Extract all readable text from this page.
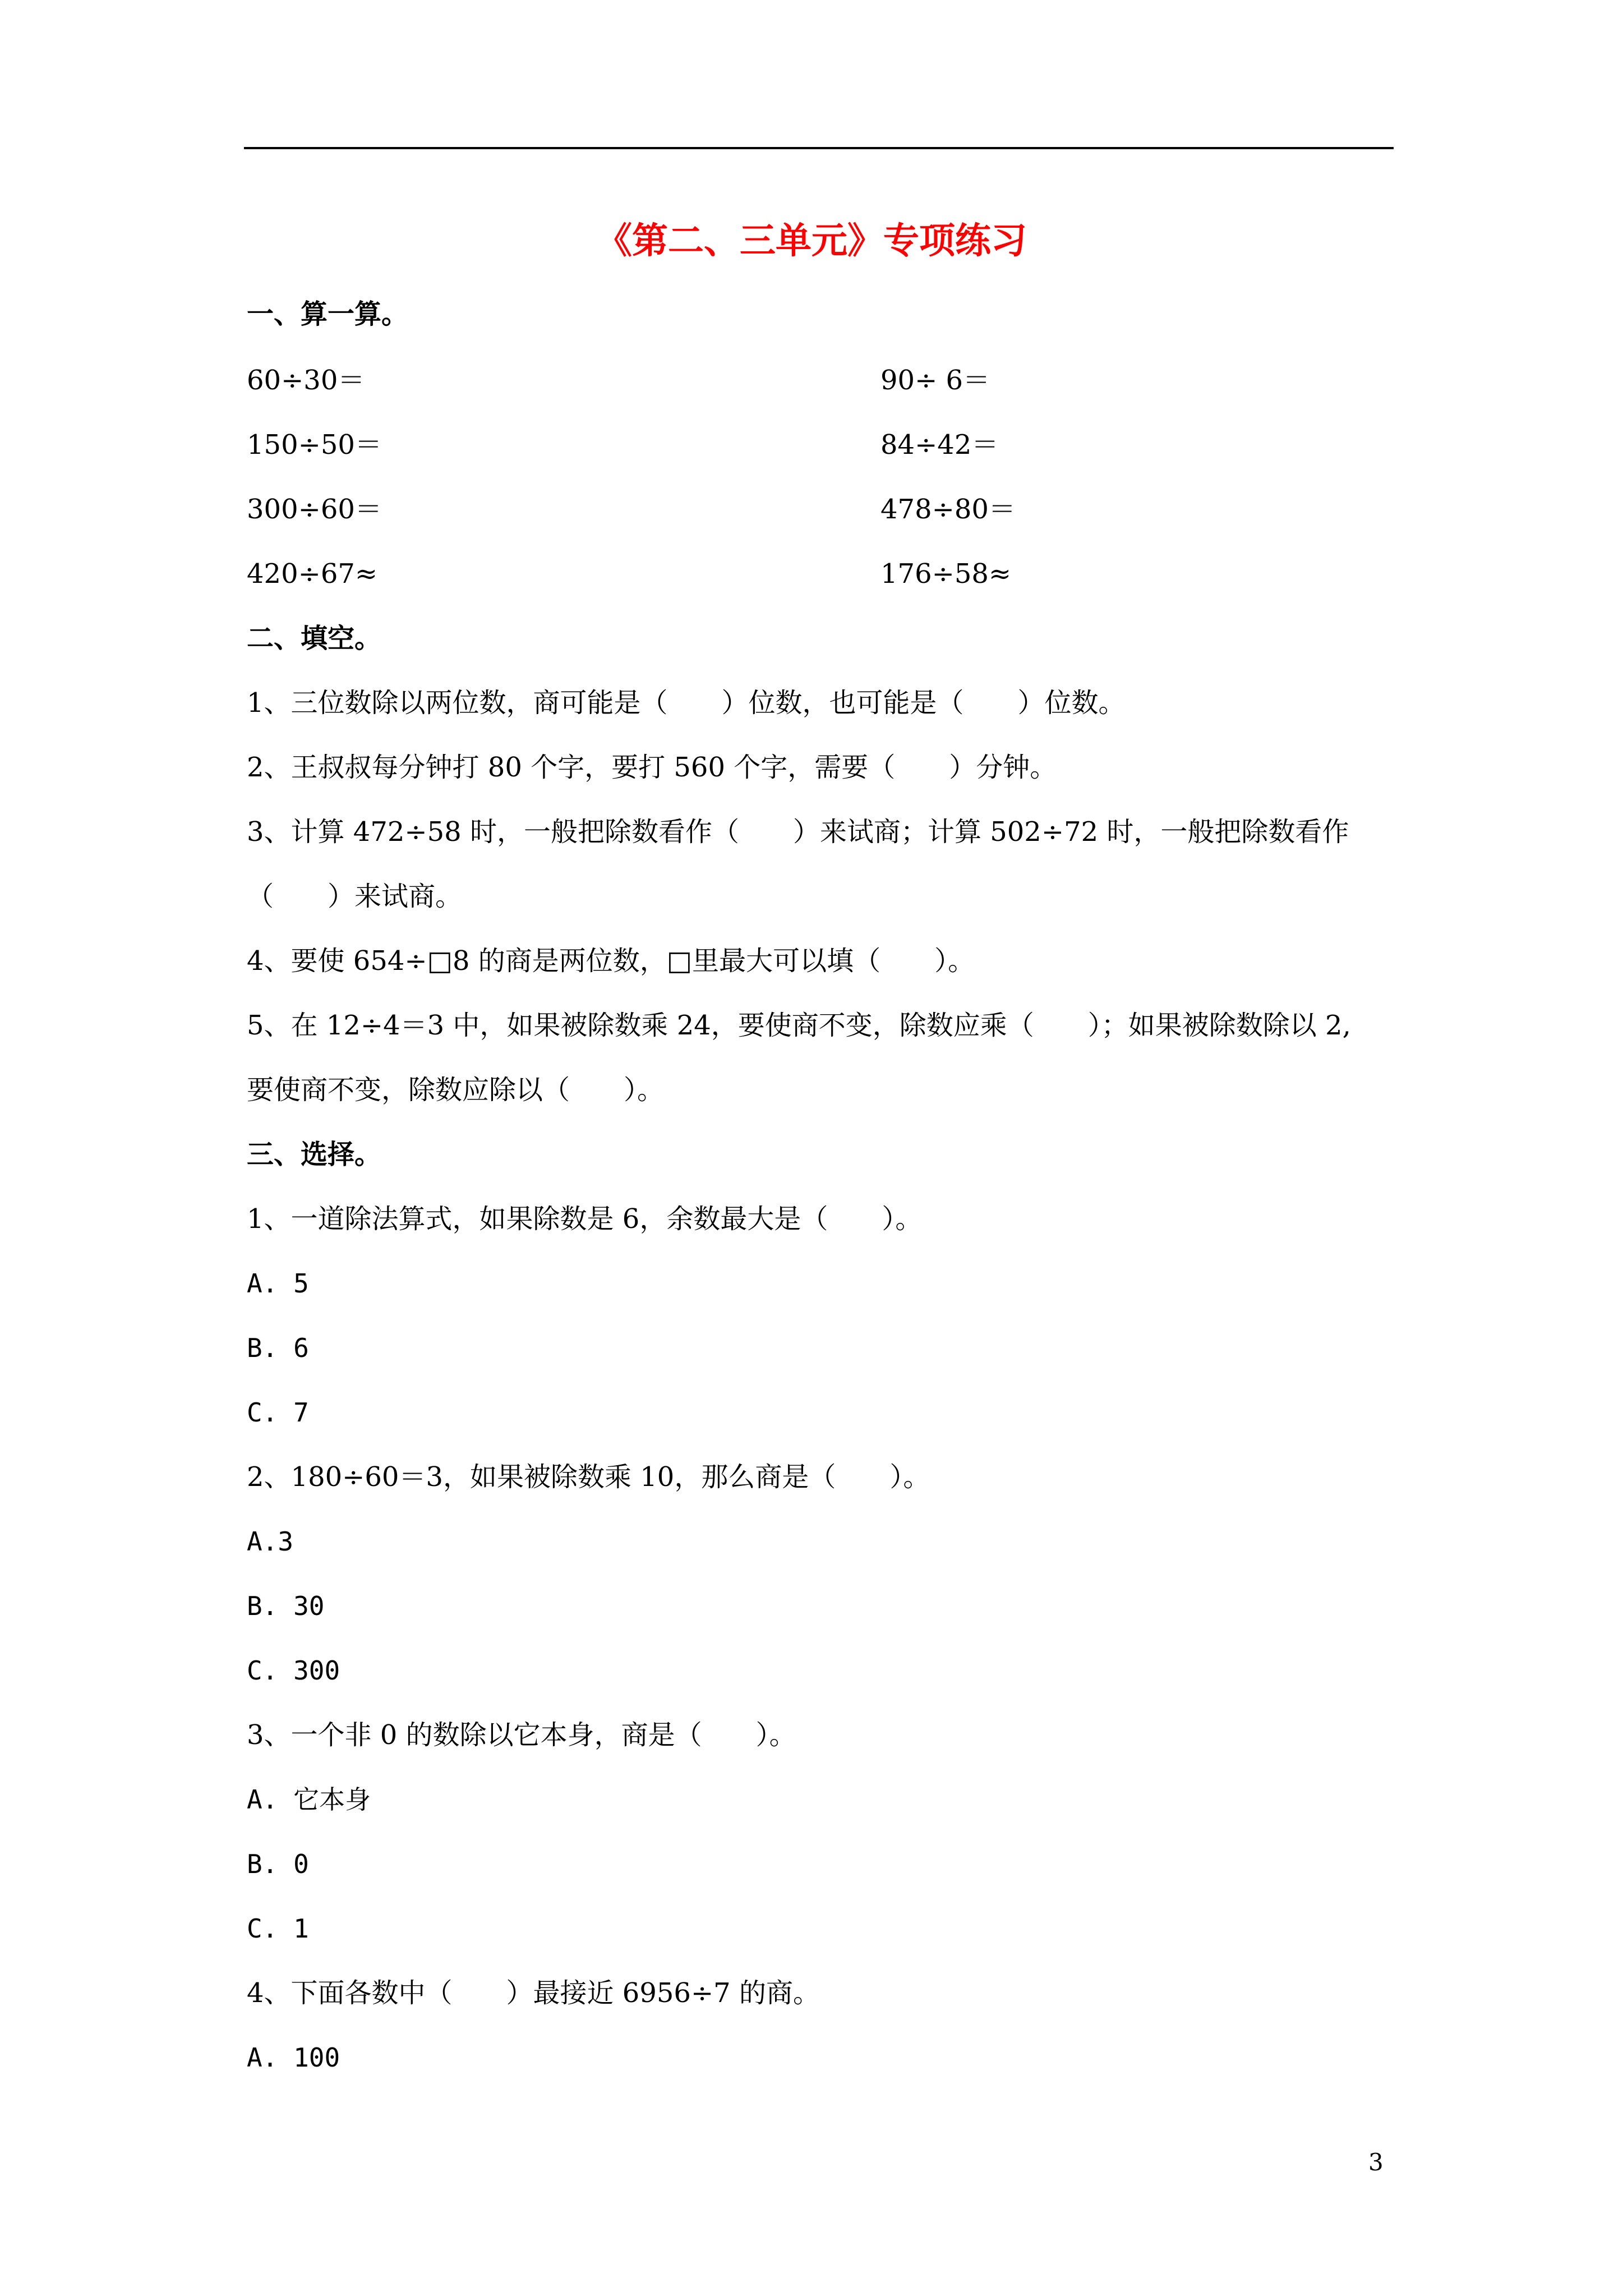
《第二、三单元》专项练习
一、算一算。
60÷30＝	90÷ 6＝
150÷50＝	84÷42＝
300÷60＝	478÷80＝
420÷67≈	176÷58≈
二、填空。
1、三位数除以两位数，商可能是（　　）位数，也可能是（　　）位数。
2、王叔叔每分钟打 80 个字，要打 560 个字，需要（　　）分钟。
3、计算 472÷58 时，一般把除数看作（　　）来试商；计算 502÷72 时，一般把除数看作
（　　）来试商。
4、要使 654÷□8 的商是两位数，□里最大可以填（　　）。
5、在 12÷4＝3 中，如果被除数乘 24，要使商不变，除数应乘（　　）；如果被除数除以 2,
要使商不变，除数应除以（　　）。
三、选择。
1、一道除法算式，如果除数是 6，余数最大是（　　）。
A. 5
B. 6
C. 7
2、180÷60＝3，如果被除数乘 10，那么商是（　　）。
A.3
B. 30
C. 300
3、一个非 0 的数除以它本身，商是（　　）。
A. 它本身
B. 0
C. 1
4、下面各数中（　　）最接近 6956÷7 的商。
A. 100
3
